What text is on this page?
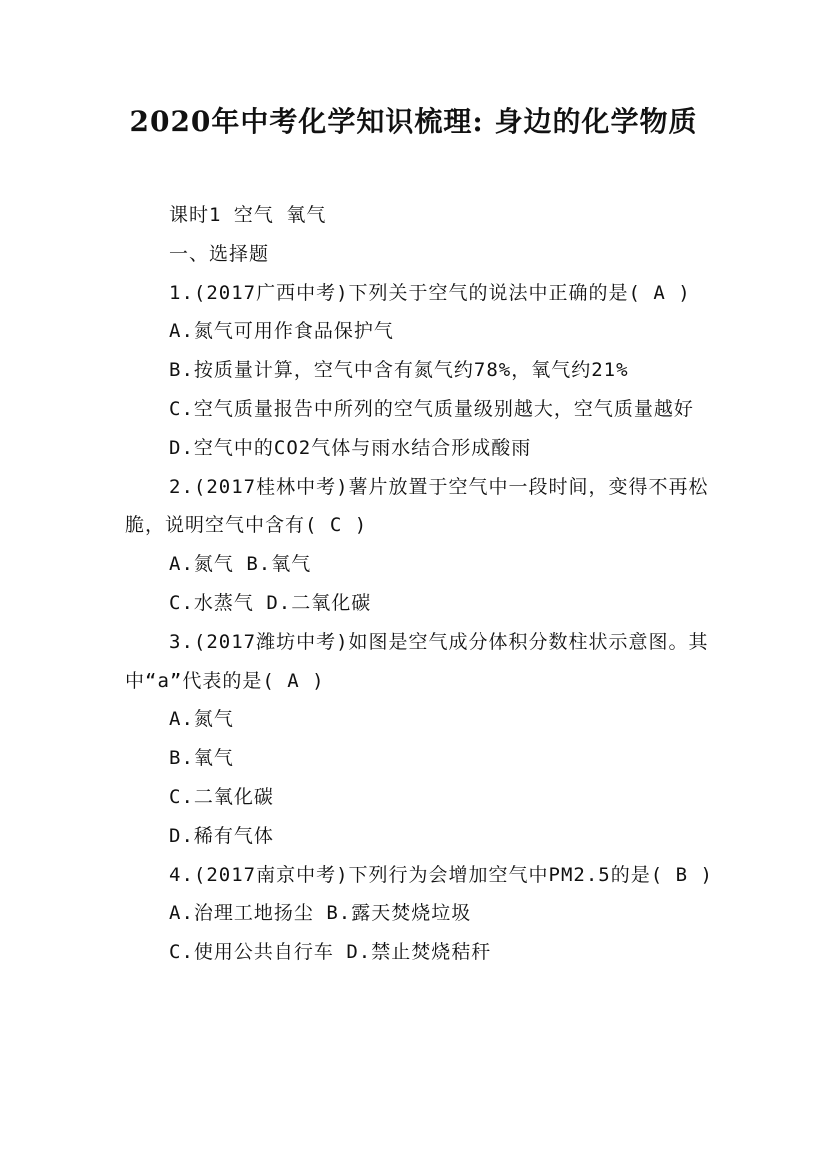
2020年中考化学知识梳理: 身边的化学物质

课时1 空气 氧气

一、选择题

1.(2017广西中考)下列关于空气的说法中正确的是( A )

A.氮气可用作食品保护气

B.按质量计算，空气中含有氮气约78%，氧气约21%

C.空气质量报告中所列的空气质量级别越大，空气质量越好

D.空气中的CO2气体与雨水结合形成酸雨

2.(2017桂林中考)薯片放置于空气中一段时间，变得不再松脆，说明空气中含有( C )

A.氮气 B.氧气

C.水蒸气 D.二氧化碳

3.(2017潍坊中考)如图是空气成分体积分数柱状示意图。其中“a”代表的是( A )

A.氮气

B.氧气

C.二氧化碳

D.稀有气体

4.(2017南京中考)下列行为会增加空气中PM2.5的是( B )

A.治理工地扬尘 B.露天焚烧垃圾

C.使用公共自行车 D.禁止焚烧秸秆
